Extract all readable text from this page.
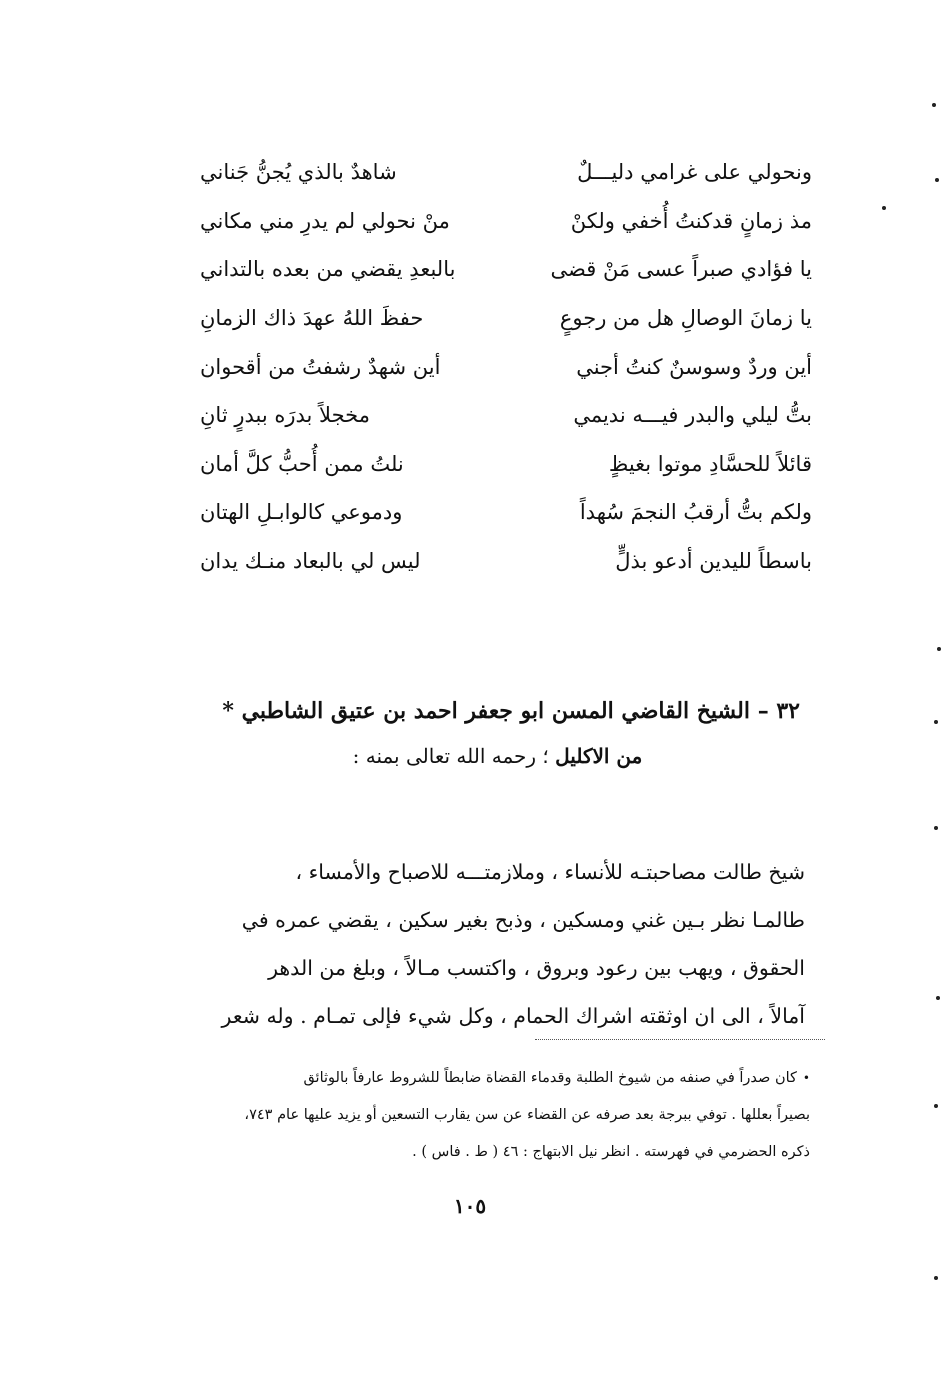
ونحولي على غرامي دليـــلٌ
شاهدٌ بالذي يُجنُّ جَناني
مذ زمانٍ قدكنتُ أُخفي ولكنْ
منْ نحولي لم يدرِ مني مكاني
يا فؤادي صبراً عسى مَنْ قضى
بالبعدِ يقضي من بعده بالتداني
يا زمانَ الوصالِ هل من رجوعٍ
حفظَ اللهُ عهدَ ذاك الزمانِ
أين وردٌ وسوسنٌ كنتُ أجني
أين شهدٌ رشفتُ من أقحوان
بتُّ ليلي والبدر فيـــه نديمي
مخجلاً بدرَه ببدرٍ ثانِ
قائلاً للحسَّادِ موتوا بغيظٍ
نلتُ ممن أُحبُّ كلَّ أمان
ولكم بتُّ أرقبُ النجمَ سُهداً
ودموعي كالوابـلِ الهتان
باسطاً لليدين أدعو بذلٍّ
ليس لي بالبعاد منـك يدان
٣٢ – الشيخ القاضي المسن ابو جعفر احمد بن عتيق الشاطبي *
من الاكليل ؛ رحمه الله تعالى بمنه :
شيخ طالت مصاحبتـه للأنساء ، وملازمتـــه للاصباح والأمساء ،
طالمـا نظر بـين غني ومسكين ، وذبح بغير سكين ، يقضي عمره في
الحقوق ، ويهب بين رعود وبروق ، واكتسب مـالاً ، وبلغ من الدهر
آمالاً ، الى ان اوثقته اشراك الحمام ، وكل شيء فإلى تمـام . وله شعر
•كان صدراً في صنفه من شيوخ الطلبة وقدماء القضاة ضابطاً للشروط عارفاً بالوثائق
بصيراً بعللها . توفي ببرجة بعد صرفه عن القضاء عن سن يقارب التسعين أو يزيد عليها عام ٧٤٣،
ذكره الحضرمي في فهرسته . انظر نيل الابتهاج : ٤٦ ( ط . فاس ) .
١٠٥
